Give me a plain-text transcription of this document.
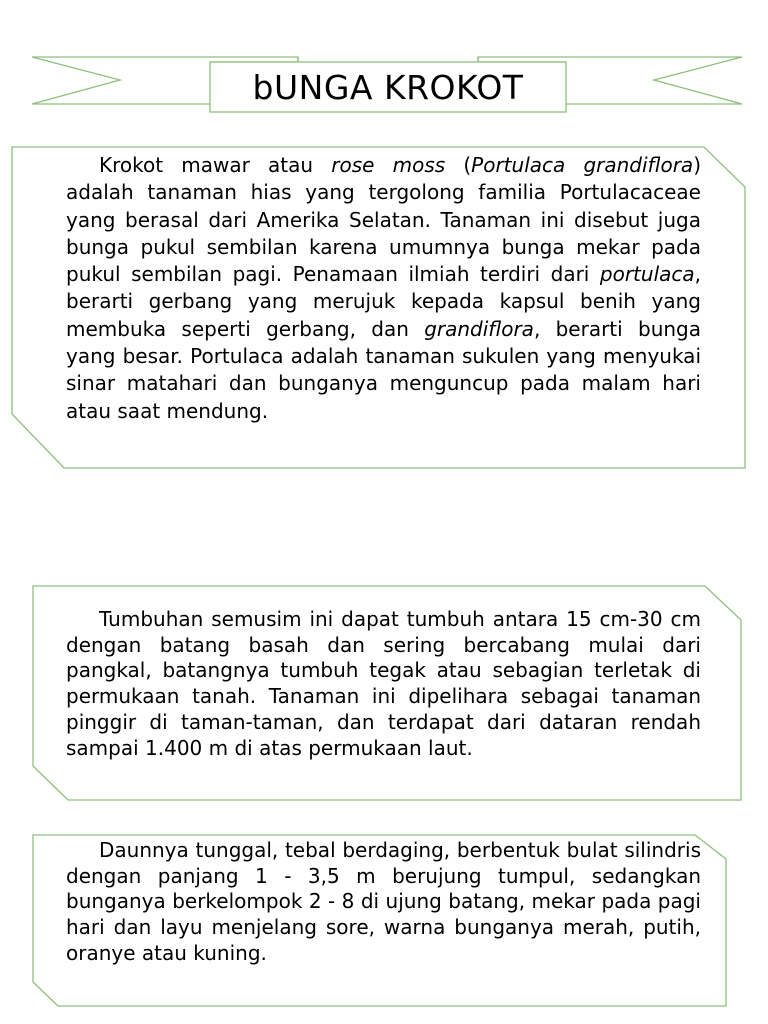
bUNGA KROKOT

Krokot mawar atau rose moss (Portulaca grandiflora) adalah tanaman hias yang tergolong familia Portulacaceae yang berasal dari Amerika Selatan. Tanaman ini disebut juga bunga pukul sembilan karena umumnya bunga mekar pada pukul sembilan pagi. Penamaan ilmiah terdiri dari portulaca, berarti gerbang yang merujuk kepada kapsul benih yang membuka seperti gerbang, dan grandiflora, berarti bunga yang besar. Portulaca adalah tanaman sukulen yang menyukai sinar matahari dan bunganya menguncup pada malam hari atau saat mendung.

Tumbuhan semusim ini dapat tumbuh antara 15 cm-30 cm dengan batang basah dan sering bercabang mulai dari pangkal, batangnya tumbuh tegak atau sebagian terletak di permukaan tanah. Tanaman ini dipelihara sebagai tanaman pinggir di taman-taman, dan terdapat dari dataran rendah sampai 1.400 m di atas permukaan laut.

Daunnya tunggal, tebal berdaging, berbentuk bulat silindris dengan panjang 1 - 3,5 m berujung tumpul, sedangkan bunganya berkelompok 2 - 8 di ujung batang, mekar pada pagi hari dan layu menjelang sore, warna bunganya merah, putih, oranye atau kuning.
